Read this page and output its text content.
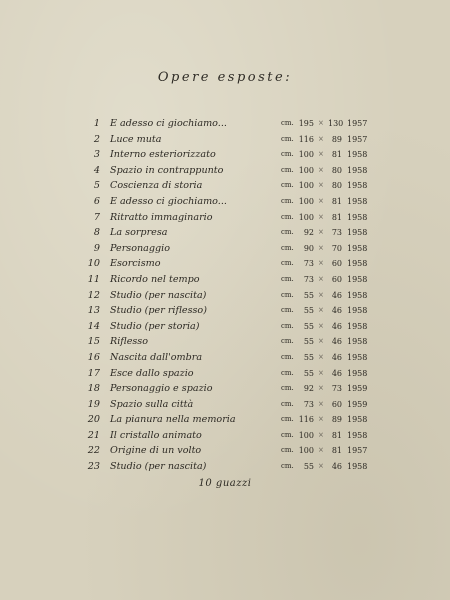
Opere esposte:
1 E adesso ci giochiamo...	cm. 195 × 130 1957
2 Luce muta	cm. 116 × 89 1957
3 Interno esteriorizzato	cm. 100 × 81 1958
4 Spazio in contrappunto	cm. 100 × 80 1958
5 Coscienza di storia	cm. 100 × 80 1958
6 E adesso ci giochiamo...	cm. 100 × 81 1958
7 Ritratto immaginario	cm. 100 × 81 1958
8 La sorpresa	cm.	92 × 73 1958
9 Personaggio	cm.	90 × 70 1958
10 Esorcismo	cm.	73 × 60 1958
11 Ricordo nel tempo	cm.	73 × 60 1958
12 Studio (per nascita)	cm.	55 × 46 1958
13 Studio (per riflesso)	cm.	55 × 46 1958
14 Studio (per storia)	cm.	55 × 46 1958
15 Riflesso	cm.	55 × 46 1958
16 Nascita dall'ombra	cm.	55 × 46 1958
17 Esce dallo spazio	cm.	55 × 46 1958
18 Personaggio e spazio	cm.	92 × 73 1959
19 Spazio sulla città	cm.	73 × 60 1959
20 La pianura nella memoria	cm. 116 × 89 1958
21 Il cristallo animato	cm. 100 × 81 1958
22 Origine di un volto	cm. 100 × 81 1957
23 Studio (per nascita)	cm.	55 × 46 1958
10 guazzi
